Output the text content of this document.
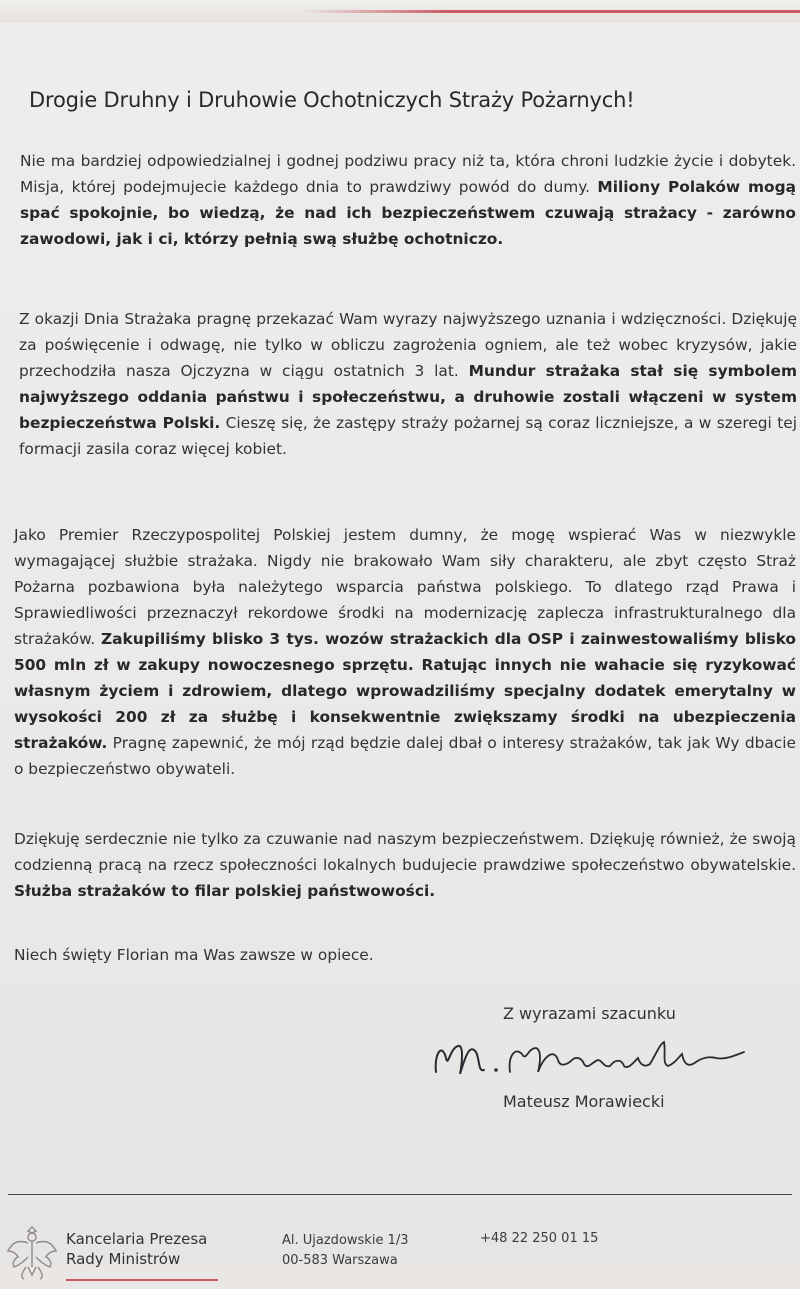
Drogie Druhny i Druhowie Ochotniczych Straży Pożarnych!

Nie ma bardziej odpowiedzialnej i godnej podziwu pracy niż ta, która chroni ludzkie życie i dobytek. Misja, której podejmujecie każdego dnia to prawdziwy powód do dumy. Miliony Polaków mogą spać spokojnie, bo wiedzą, że nad ich bezpieczeństwem czuwają strażacy - zarówno zawodowi, jak i ci, którzy pełnią swą służbę ochotniczo.

Z okazji Dnia Strażaka pragnę przekazać Wam wyrazy najwyższego uznania i wdzięczności. Dziękuję za poświęcenie i odwagę, nie tylko w obliczu zagrożenia ogniem, ale też wobec kryzysów, jakie przechodziła nasza Ojczyzna w ciągu ostatnich 3 lat. Mundur strażaka stał się symbolem najwyższego oddania państwu i społeczeństwu, a druhowie zostali włączeni w system bezpieczeństwa Polski. Cieszę się, że zastępy straży pożarnej są coraz liczniejsze, a w szeregi tej formacji zasila coraz więcej kobiet.

Jako Premier Rzeczypospolitej Polskiej jestem dumny, że mogę wspierać Was w niezwykle wymagającej służbie strażaka. Nigdy nie brakowało Wam siły charakteru, ale zbyt często Straż Pożarna pozbawiona była należytego wsparcia państwa polskiego. To dlatego rząd Prawa i Sprawiedliwości przeznaczył rekordowe środki na modernizację zaplecza infrastrukturalnego dla strażaków. Zakupiliśmy blisko 3 tys. wozów strażackich dla OSP i zainwestowaliśmy blisko 500 mln zł w zakupy nowoczesnego sprzętu. Ratując innych nie wahacie się ryzykować własnym życiem i zdrowiem, dlatego wprowadziliśmy specjalny dodatek emerytalny w wysokości 200 zł za służbę i konsekwentnie zwiększamy środki na ubezpieczenia strażaków. Pragnę zapewnić, że mój rząd będzie dalej dbał o interesy strażaków, tak jak Wy dbacie o bezpieczeństwo obywateli.

Dziękuję serdecznie nie tylko za czuwanie nad naszym bezpieczeństwem. Dziękuję również, że swoją codzienną pracą na rzecz społeczności lokalnych budujecie prawdziwe społeczeństwo obywatelskie. Służba strażaków to filar polskiej państwowości.

Niech święty Florian ma Was zawsze w opiece.

Z wyrazami szacunku
Mateusz Morawiecki
Kancelaria Prezesa
Rady Ministrów
Al. Ujazdowskie 1/3
00-583 Warszawa
+48 22 250 01 15
